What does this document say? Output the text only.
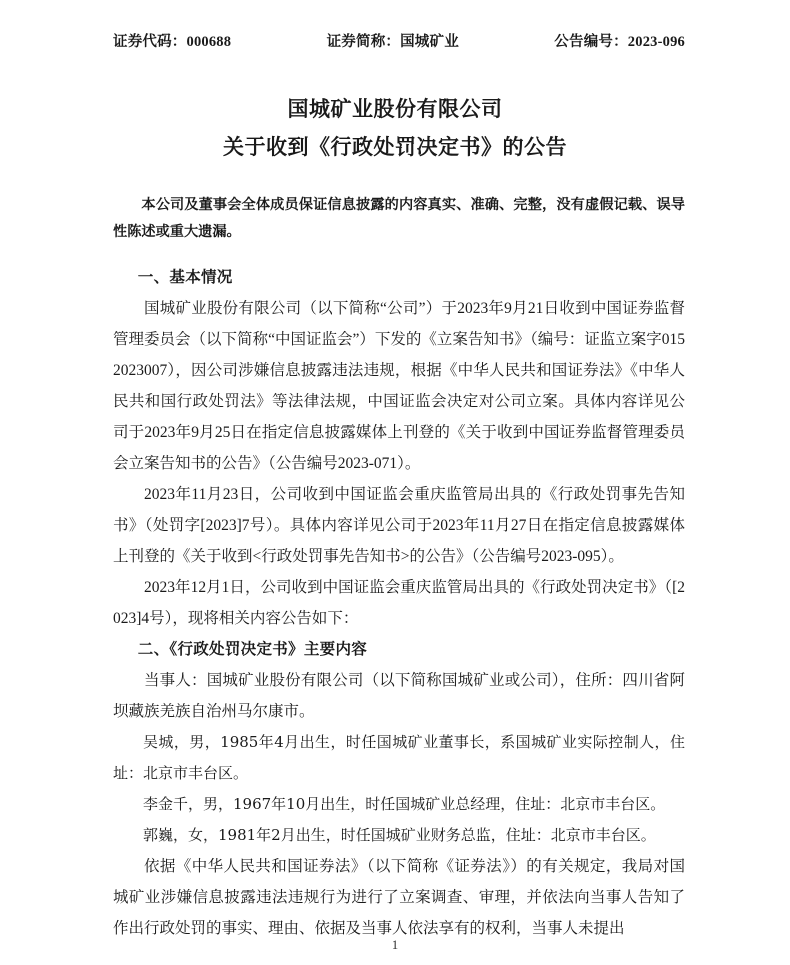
证券代码：000688	证券简称：国城矿业	公告编号：2023-096
国城矿业股份有限公司
关于收到《行政处罚决定书》的公告
本公司及董事会全体成员保证信息披露的内容真实、准确、完整，没有虚假记载、误导性陈述或重大遗漏。
一、基本情况

国城矿业股份有限公司（以下简称“公司”）于2023年9月21日收到中国证券监督管理委员会（以下简称“中国证监会”）下发的《立案告知书》（编号：证监立案字0152023007），因公司涉嫌信息披露违法违规，根据《中华人民共和国证券法》《中华人民共和国行政处罚法》等法律法规，中国证监会决定对公司立案。具体内容详见公司于2023年9月25日在指定信息披露媒体上刊登的《关于收到中国证券监督管理委员会立案告知书的公告》（公告编号2023-071）。

2023年11月23日，公司收到中国证监会重庆监管局出具的《行政处罚事先告知书》（处罚字[2023]7号）。具体内容详见公司于2023年11月27日在指定信息披露媒体上刊登的《关于收到<行政处罚事先告知书>的公告》（公告编号2023-095）。

2023年12月1日，公司收到中国证监会重庆监管局出具的《行政处罚决定书》（[2023]4号），现将相关内容公告如下：

二、《行政处罚决定书》主要内容

当事人：国城矿业股份有限公司（以下简称国城矿业或公司），住所：四川省阿坝藏族羌族自治州马尔康市。

吴城，男，1985年4月出生，时任国城矿业董事长，系国城矿业实际控制人，住址：北京市丰台区。

李金千，男，1967年10月出生，时任国城矿业总经理，住址：北京市丰台区。

郭巍，女，1981年2月出生，时任国城矿业财务总监，住址：北京市丰台区。

依据《中华人民共和国证券法》（以下简称《证券法》）的有关规定，我局对国城矿业涉嫌信息披露违法违规行为进行了立案调查、审理，并依法向当事人告知了作出行政处罚的事实、理由、依据及当事人依法享有的权利，当事人未提出

1
